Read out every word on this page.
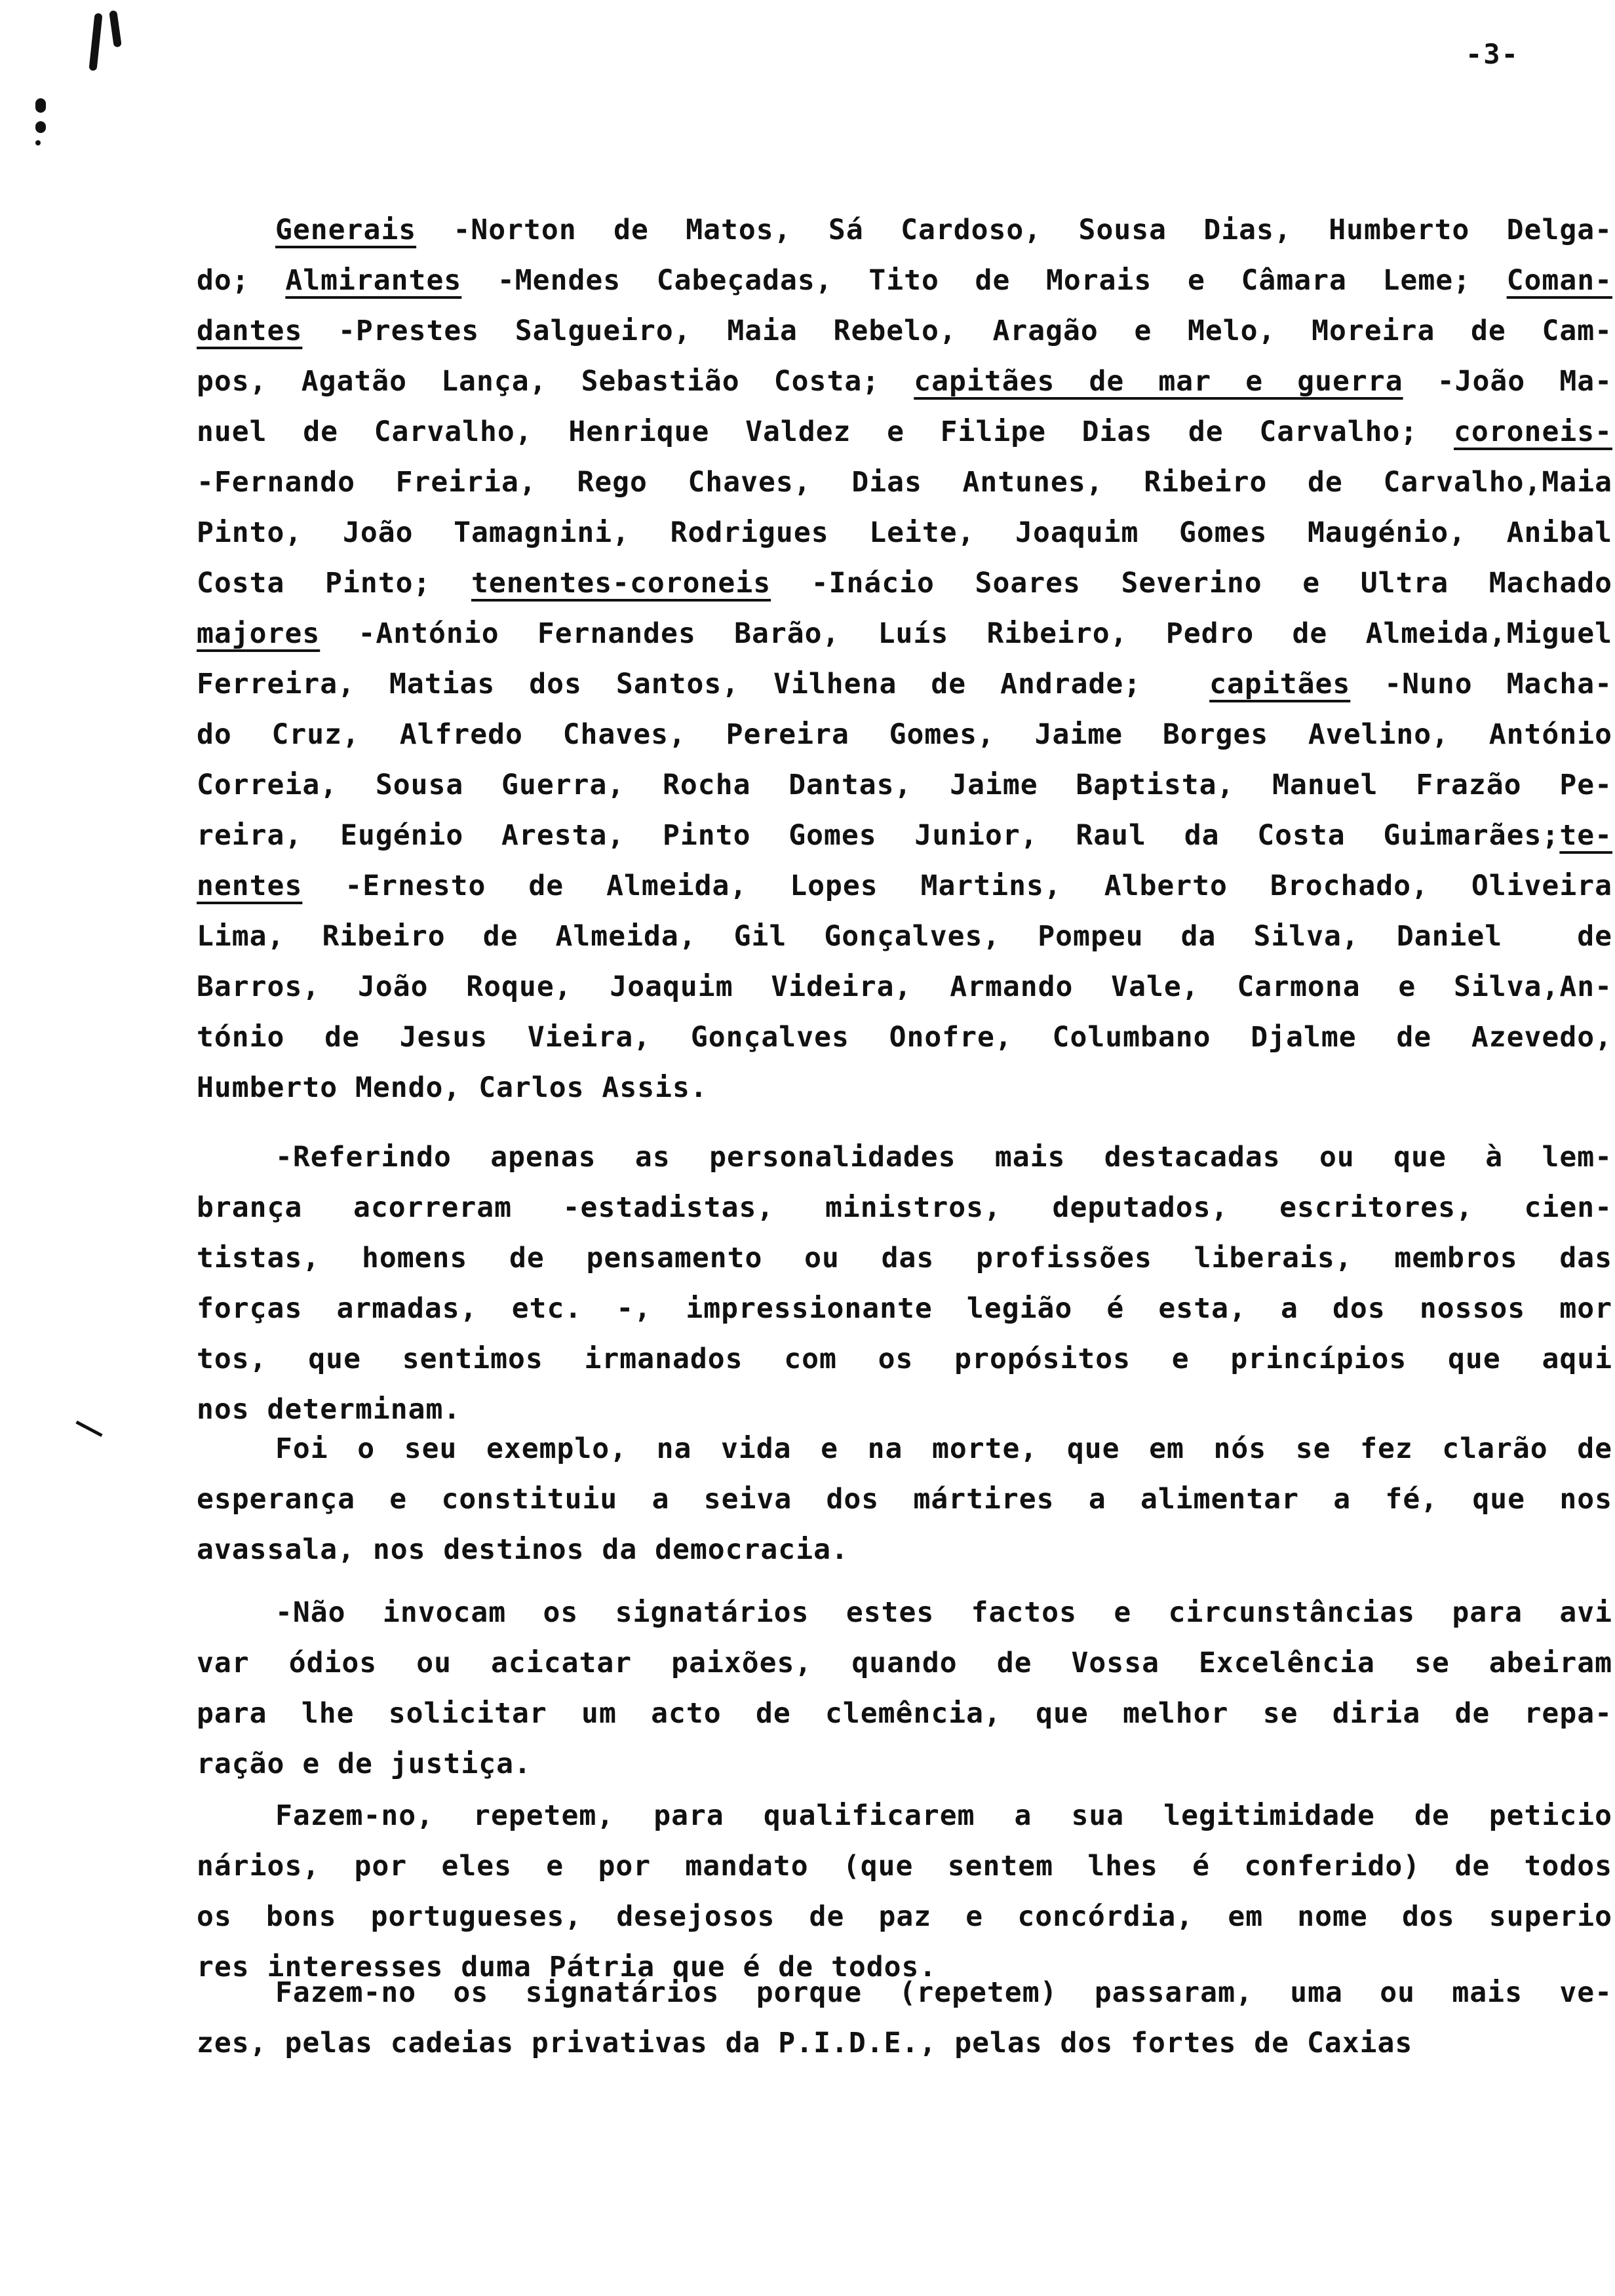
-3-
Generais -Norton de Matos, Sá Cardoso, Sousa Dias, Humberto Delga-
do; Almirantes -Mendes Cabeçadas, Tito de Morais e Câmara Leme; Coman-
dantes -Prestes Salgueiro, Maia Rebelo, Aragão e Melo, Moreira de Cam-
pos, Agatão Lança, Sebastião Costa; capitães de mar e guerra -João Ma-
nuel de Carvalho, Henrique Valdez e Filipe Dias de Carvalho; coroneis-
-Fernando Freiria, Rego Chaves, Dias Antunes, Ribeiro de Carvalho,Maia
Pinto, João Tamagnini, Rodrigues Leite, Joaquim Gomes Maugénio, Anibal
Costa Pinto; tenentes-coroneis -Inácio Soares Severino e Ultra Machado
majores -António Fernandes Barão, Luís Ribeiro, Pedro de Almeida,Miguel
Ferreira, Matias dos Santos, Vilhena de Andrade;  capitães -Nuno Macha-
do Cruz, Alfredo Chaves, Pereira Gomes, Jaime Borges Avelino, António
Correia, Sousa Guerra, Rocha Dantas, Jaime Baptista, Manuel Frazão Pe-
reira, Eugénio Aresta, Pinto Gomes Junior, Raul da Costa Guimarães;te-
nentes -Ernesto de Almeida, Lopes Martins, Alberto Brochado, Oliveira
Lima, Ribeiro de Almeida, Gil Gonçalves, Pompeu da Silva, Daniel  de
Barros, João Roque, Joaquim Videira, Armando Vale, Carmona e Silva,An-
tónio de Jesus Vieira, Gonçalves Onofre, Columbano Djalme de Azevedo,
Humberto Mendo, Carlos Assis.
-Referindo apenas as personalidades mais destacadas ou que à lem-
brança acorreram -estadistas, ministros, deputados, escritores, cien-
tistas, homens de pensamento ou das profissões liberais, membros das
forças armadas, etc. -, impressionante legião é esta, a dos nossos mor
tos, que sentimos irmanados com os propósitos e princípios que aqui
nos determinam.
Foi o seu exemplo, na vida e na morte, que em nós se fez clarão de
esperança e constituiu a seiva dos mártires a alimentar a fé, que nos
avassala, nos destinos da democracia.
-Não invocam os signatários estes factos e circunstâncias para avi
var ódios ou acicatar paixões, quando de Vossa Excelência se abeiram
para lhe solicitar um acto de clemência, que melhor se diria de repa-
ração e de justiça.
Fazem-no, repetem, para qualificarem a sua legitimidade de peticio
nários, por eles e por mandato (que sentem lhes é conferido) de todos
os bons portugueses, desejosos de paz e concórdia, em nome dos superio
res interesses duma Pátria que é de todos.
Fazem-no os signatários porque (repetem) passaram, uma ou mais ve-
zes, pelas cadeias privativas da P.I.D.E., pelas dos fortes de Caxias
